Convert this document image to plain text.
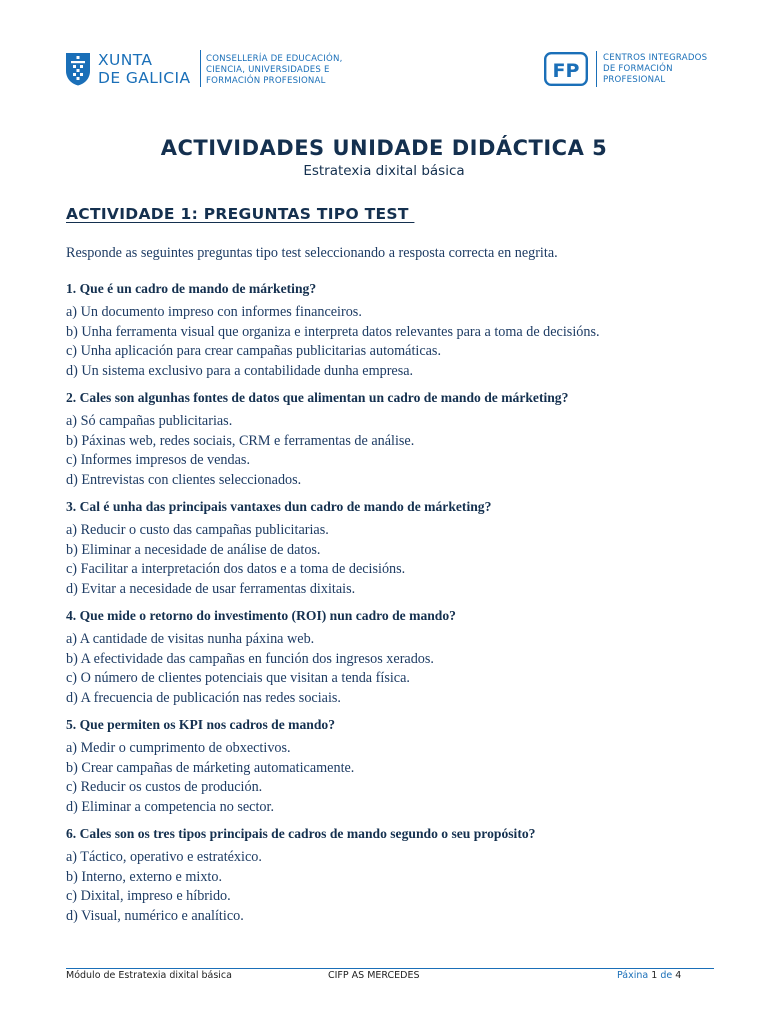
XUNTA
DE GALICIA
CONSELLERÍA DE EDUCACIÓN,
CIENCIA, UNIVERSIDADES E
FORMACIÓN PROFESIONAL	FP
CENTROS INTEGRADOS
DE FORMACIÓN
PROFESIONAL
ACTIVIDADES UNIDADE DIDÁCTICA 5
Estratexia dixital básica
ACTIVIDADE 1: PREGUNTAS TIPO TEST
Responde as seguintes preguntas tipo test seleccionando a resposta correcta en negrita.
1. Que é un cadro de mando de márketing?
a) Un documento impreso con informes financeiros.
b) Unha ferramenta visual que organiza e interpreta datos relevantes para a toma de decisións.
c) Unha aplicación para crear campañas publicitarias automáticas.
d) Un sistema exclusivo para a contabilidade dunha empresa.
2. Cales son algunhas fontes de datos que alimentan un cadro de mando de márketing?
a) Só campañas publicitarias.
b) Páxinas web, redes sociais, CRM e ferramentas de análise.
c) Informes impresos de vendas.
d) Entrevistas con clientes seleccionados.
3. Cal é unha das principais vantaxes dun cadro de mando de márketing?
a) Reducir o custo das campañas publicitarias.
b) Eliminar a necesidade de análise de datos.
c) Facilitar a interpretación dos datos e a toma de decisións.
d) Evitar a necesidade de usar ferramentas dixitais.
4. Que mide o retorno do investimento (ROI) nun cadro de mando?
a) A cantidade de visitas nunha páxina web.
b) A efectividade das campañas en función dos ingresos xerados.
c) O número de clientes potenciais que visitan a tenda física.
d) A frecuencia de publicación nas redes sociais.
5. Que permiten os KPI nos cadros de mando?
a) Medir o cumprimento de obxectivos.
b) Crear campañas de márketing automaticamente.
c) Reducir os custos de produción.
d) Eliminar a competencia no sector.
6. Cales son os tres tipos principais de cadros de mando segundo o seu propósito?
a) Táctico, operativo e estratéxico.
b) Interno, externo e mixto.
c) Dixital, impreso e híbrido.
d) Visual, numérico e analítico.
Módulo de Estratexia dixital básica	CIFP AS MERCEDES	Páxina 1 de 4
